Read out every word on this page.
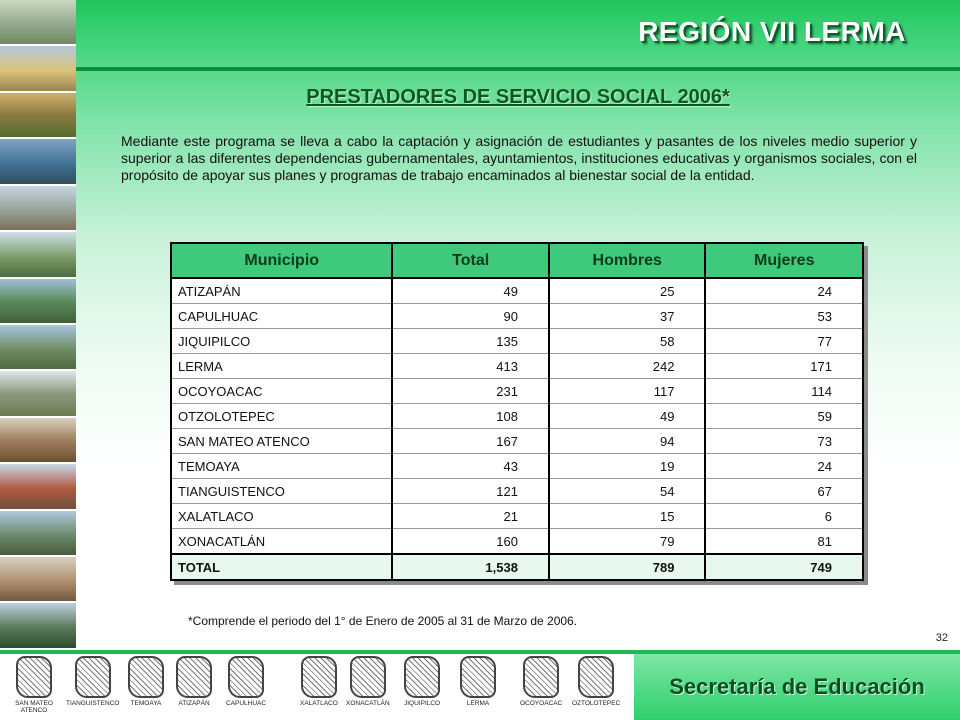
REGIÓN VII LERMA
PRESTADORES DE SERVICIO SOCIAL 2006*
Mediante este programa se lleva a cabo la captación y asignación de estudiantes y pasantes de los niveles medio superior y superior a las diferentes dependencias gubernamentales, ayuntamientos, instituciones educativas y organismos sociales, con el propósito de apoyar sus planes y programas de trabajo encaminados al bienestar social de la entidad.
Municipio	Total	Hombres	Mujeres
ATIZAPÁN	49	25	24
CAPULHUAC	90	37	53
JIQUIPILCO	135	58	77
LERMA	413	242	171
OCOYOACAC	231	117	114
OTZOLOTEPEC	108	49	59
SAN MATEO ATENCO	167	94	73
TEMOAYA	43	19	24
TIANGUISTENCO	121	54	67
XALATLACO	21	15	6
XONACATLÁN	160	79	81
TOTAL	1,538	789	749
*Comprende el periodo del 1° de Enero de 2005 al 31 de Marzo de 2006.
32
SAN MATEO ATENCO
TIANGUISTENCO TEMOAYA	ATIZAPÁN	CAPULHUAC	XALATLACO XONACATLÁN JIQUIPILCO	LERMA	OCOYOACAC OZTOLOTEPEC
Secretaría de Educación
